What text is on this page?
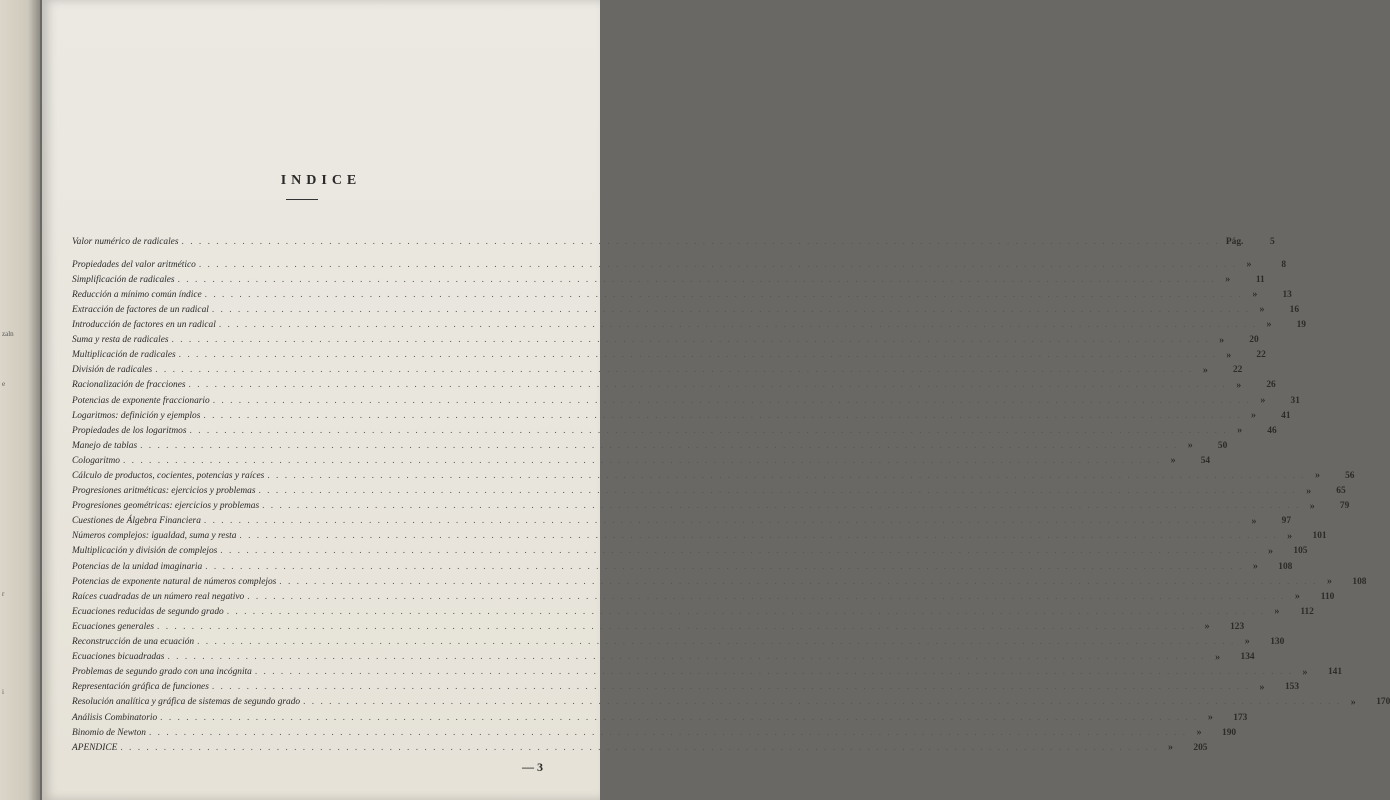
zaln
e
r
i
INDICE
Valor numérico de radicales . . . . . . . . . . . . . . . . . . . . . . . . . . . . . . . . . . . . . . . . . . . . . . . . . . . . . . . . . . . . . . . . . . . . . . . . . . . . . . . . . . . . . . . . . . . . . . . . . . . . . . . . . . . . . . . . . . . . . . . . Pág.	5
Propiedades del valor aritmético . . . . . . . . . . . . . . . . . . . . . . . . . . . . . . . . . . . . . . . . . . . . . . . . . . . . . . . . . . . . . . . . . . . . . . . . . . . . . . . . . . . . . . . . . . . . . . . . . . . . . . . . . . . . . . . . . . . . . . . . »	8
Simplificación de radicales . . . . . . . . . . . . . . . . . . . . . . . . . . . . . . . . . . . . . . . . . . . . . . . . . . . . . . . . . . . . . . . . . . . . . . . . . . . . . . . . . . . . . . . . . . . . . . . . . . . . . . . . . . . . . . . . . . . . . . . . »	11
Reducción a mínimo común índice . . . . . . . . . . . . . . . . . . . . . . . . . . . . . . . . . . . . . . . . . . . . . . . . . . . . . . . . . . . . . . . . . . . . . . . . . . . . . . . . . . . . . . . . . . . . . . . . . . . . . . . . . . . . . . . . . . . . . . . . »	13
Extracción de factores de un radical . . . . . . . . . . . . . . . . . . . . . . . . . . . . . . . . . . . . . . . . . . . . . . . . . . . . . . . . . . . . . . . . . . . . . . . . . . . . . . . . . . . . . . . . . . . . . . . . . . . . . . . . . . . . . . . . . . . . . . . . »	16
Introducción de factores en un radical . . . . . . . . . . . . . . . . . . . . . . . . . . . . . . . . . . . . . . . . . . . . . . . . . . . . . . . . . . . . . . . . . . . . . . . . . . . . . . . . . . . . . . . . . . . . . . . . . . . . . . . . . . . . . . . . . . . . . . . . »	19
Suma y resta de radicales . . . . . . . . . . . . . . . . . . . . . . . . . . . . . . . . . . . . . . . . . . . . . . . . . . . . . . . . . . . . . . . . . . . . . . . . . . . . . . . . . . . . . . . . . . . . . . . . . . . . . . . . . . . . . . . . . . . . . . . . »	20
Multiplicación de radicales . . . . . . . . . . . . . . . . . . . . . . . . . . . . . . . . . . . . . . . . . . . . . . . . . . . . . . . . . . . . . . . . . . . . . . . . . . . . . . . . . . . . . . . . . . . . . . . . . . . . . . . . . . . . . . . . . . . . . . . . »	22
División de radicales . . . . . . . . . . . . . . . . . . . . . . . . . . . . . . . . . . . . . . . . . . . . . . . . . . . . . . . . . . . . . . . . . . . . . . . . . . . . . . . . . . . . . . . . . . . . . . . . . . . . . . . . . . . . . . . . . . . . . . . . »	22
Racionalización de fracciones . . . . . . . . . . . . . . . . . . . . . . . . . . . . . . . . . . . . . . . . . . . . . . . . . . . . . . . . . . . . . . . . . . . . . . . . . . . . . . . . . . . . . . . . . . . . . . . . . . . . . . . . . . . . . . . . . . . . . . . . »	26
Potencias de exponente fraccionario . . . . . . . . . . . . . . . . . . . . . . . . . . . . . . . . . . . . . . . . . . . . . . . . . . . . . . . . . . . . . . . . . . . . . . . . . . . . . . . . . . . . . . . . . . . . . . . . . . . . . . . . . . . . . . . . . . . . . . . . »	31
Logaritmos: definición y ejemplos . . . . . . . . . . . . . . . . . . . . . . . . . . . . . . . . . . . . . . . . . . . . . . . . . . . . . . . . . . . . . . . . . . . . . . . . . . . . . . . . . . . . . . . . . . . . . . . . . . . . . . . . . . . . . . . . . . . . . . . . »	41
Propiedades de los logaritmos . . . . . . . . . . . . . . . . . . . . . . . . . . . . . . . . . . . . . . . . . . . . . . . . . . . . . . . . . . . . . . . . . . . . . . . . . . . . . . . . . . . . . . . . . . . . . . . . . . . . . . . . . . . . . . . . . . . . . . . . »	46
Manejo de tablas . . . . . . . . . . . . . . . . . . . . . . . . . . . . . . . . . . . . . . . . . . . . . . . . . . . . . . . . . . . . . . . . . . . . . . . . . . . . . . . . . . . . . . . . . . . . . . . . . . . . . . . . . . . . . . . . . . . . . . . . »	50
Cologaritmo . . . . . . . . . . . . . . . . . . . . . . . . . . . . . . . . . . . . . . . . . . . . . . . . . . . . . . . . . . . . . . . . . . . . . . . . . . . . . . . . . . . . . . . . . . . . . . . . . . . . . . . . . . . . . . . . . . . . . . . . »	54
Cálculo de productos, cocientes, potencias y raíces . . . . . . . . . . . . . . . . . . . . . . . . . . . . . . . . . . . . . . . . . . . . . . . . . . . . . . . . . . . . . . . . . . . . . . . . . . . . . . . . . . . . . . . . . . . . . . . . . . . . . . . . . . . . . . . . . . . . . . . . »	56
Progresiones aritméticas: ejercicios y problemas . . . . . . . . . . . . . . . . . . . . . . . . . . . . . . . . . . . . . . . . . . . . . . . . . . . . . . . . . . . . . . . . . . . . . . . . . . . . . . . . . . . . . . . . . . . . . . . . . . . . . . . . . . . . . . . . . . . . . . . . »	65
Progresiones geométricas: ejercicios y problemas . . . . . . . . . . . . . . . . . . . . . . . . . . . . . . . . . . . . . . . . . . . . . . . . . . . . . . . . . . . . . . . . . . . . . . . . . . . . . . . . . . . . . . . . . . . . . . . . . . . . . . . . . . . . . . . . . . . . . . . . »	79
Cuestiones de Álgebra Financiera . . . . . . . . . . . . . . . . . . . . . . . . . . . . . . . . . . . . . . . . . . . . . . . . . . . . . . . . . . . . . . . . . . . . . . . . . . . . . . . . . . . . . . . . . . . . . . . . . . . . . . . . . . . . . . . . . . . . . . . . »	97
Números complejos: igualdad, suma y resta . . . . . . . . . . . . . . . . . . . . . . . . . . . . . . . . . . . . . . . . . . . . . . . . . . . . . . . . . . . . . . . . . . . . . . . . . . . . . . . . . . . . . . . . . . . . . . . . . . . . . . . . . . . . . . . . . . . . . . . . »	101
Multiplicación y división de complejos . . . . . . . . . . . . . . . . . . . . . . . . . . . . . . . . . . . . . . . . . . . . . . . . . . . . . . . . . . . . . . . . . . . . . . . . . . . . . . . . . . . . . . . . . . . . . . . . . . . . . . . . . . . . . . . . . . . . . . . . »	105
Potencias de la unidad imaginaria . . . . . . . . . . . . . . . . . . . . . . . . . . . . . . . . . . . . . . . . . . . . . . . . . . . . . . . . . . . . . . . . . . . . . . . . . . . . . . . . . . . . . . . . . . . . . . . . . . . . . . . . . . . . . . . . . . . . . . . . »	108
Potencias de exponente natural de números complejos . . . . . . . . . . . . . . . . . . . . . . . . . . . . . . . . . . . . . . . . . . . . . . . . . . . . . . . . . . . . . . . . . . . . . . . . . . . . . . . . . . . . . . . . . . . . . . . . . . . . . . . . . . . . . . . . . . . . . . . . »	108
Raíces cuadradas de un número real negativo . . . . . . . . . . . . . . . . . . . . . . . . . . . . . . . . . . . . . . . . . . . . . . . . . . . . . . . . . . . . . . . . . . . . . . . . . . . . . . . . . . . . . . . . . . . . . . . . . . . . . . . . . . . . . . . . . . . . . . . . »	110
Ecuaciones reducidas de segundo grado . . . . . . . . . . . . . . . . . . . . . . . . . . . . . . . . . . . . . . . . . . . . . . . . . . . . . . . . . . . . . . . . . . . . . . . . . . . . . . . . . . . . . . . . . . . . . . . . . . . . . . . . . . . . . . . . . . . . . . . . »	112
Ecuaciones generales . . . . . . . . . . . . . . . . . . . . . . . . . . . . . . . . . . . . . . . . . . . . . . . . . . . . . . . . . . . . . . . . . . . . . . . . . . . . . . . . . . . . . . . . . . . . . . . . . . . . . . . . . . . . . . . . . . . . . . . . »	123
Reconstrucción de una ecuación . . . . . . . . . . . . . . . . . . . . . . . . . . . . . . . . . . . . . . . . . . . . . . . . . . . . . . . . . . . . . . . . . . . . . . . . . . . . . . . . . . . . . . . . . . . . . . . . . . . . . . . . . . . . . . . . . . . . . . . . »	130
Ecuaciones bicuadradas . . . . . . . . . . . . . . . . . . . . . . . . . . . . . . . . . . . . . . . . . . . . . . . . . . . . . . . . . . . . . . . . . . . . . . . . . . . . . . . . . . . . . . . . . . . . . . . . . . . . . . . . . . . . . . . . . . . . . . . . »	134
Problemas de segundo grado con una incógnita . . . . . . . . . . . . . . . . . . . . . . . . . . . . . . . . . . . . . . . . . . . . . . . . . . . . . . . . . . . . . . . . . . . . . . . . . . . . . . . . . . . . . . . . . . . . . . . . . . . . . . . . . . . . . . . . . . . . . . . . »	141
Representación gráfica de funciones . . . . . . . . . . . . . . . . . . . . . . . . . . . . . . . . . . . . . . . . . . . . . . . . . . . . . . . . . . . . . . . . . . . . . . . . . . . . . . . . . . . . . . . . . . . . . . . . . . . . . . . . . . . . . . . . . . . . . . . . »	153
Resolución analítica y gráfica de sistemas de segundo grado . . . . . . . . . . . . . . . . . . . . . . . . . . . . . . . . . . . . . . . . . . . . . . . . . . . . . . . . . . . . . . . . . . . . . . . . . . . . . . . . . . . . . . . . . . . . . . . . . . . . . . . . . . . . . . . . . . . . . . . . »	170
Análisis Combinatorio . . . . . . . . . . . . . . . . . . . . . . . . . . . . . . . . . . . . . . . . . . . . . . . . . . . . . . . . . . . . . . . . . . . . . . . . . . . . . . . . . . . . . . . . . . . . . . . . . . . . . . . . . . . . . . . . . . . . . . . . »	173
Binomio de Newton . . . . . . . . . . . . . . . . . . . . . . . . . . . . . . . . . . . . . . . . . . . . . . . . . . . . . . . . . . . . . . . . . . . . . . . . . . . . . . . . . . . . . . . . . . . . . . . . . . . . . . . . . . . . . . . . . . . . . . . . »	190
APENDICE . . . . . . . . . . . . . . . . . . . . . . . . . . . . . . . . . . . . . . . . . . . . . . . . . . . . . . . . . . . . . . . . . . . . . . . . . . . . . . . . . . . . . . . . . . . . . . . . . . . . . . . . . . . . . . . . . . . . . . . . »	205
— 3
